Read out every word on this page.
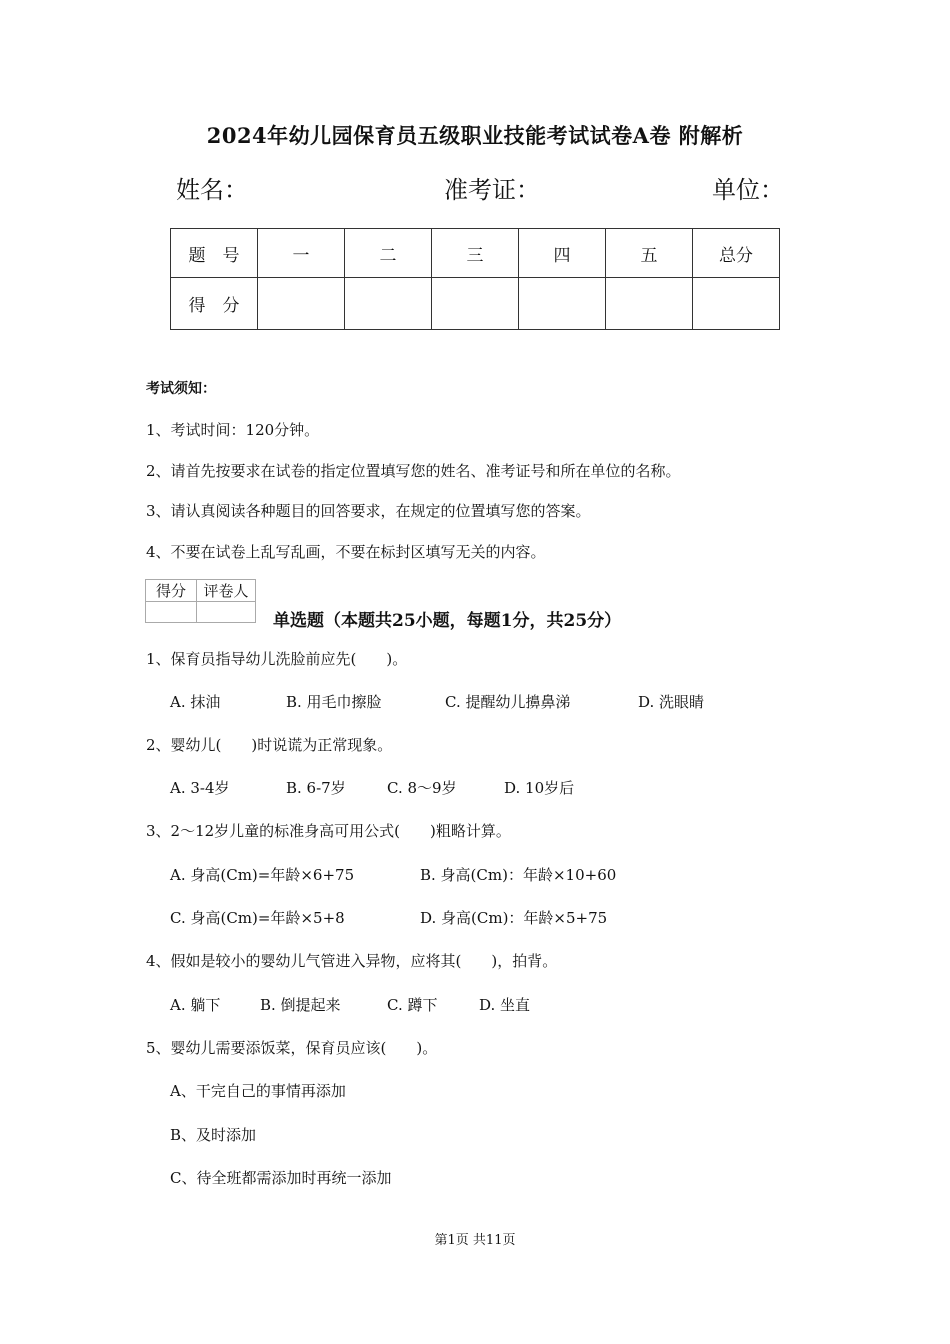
2024年幼儿园保育员五级职业技能考试试卷A卷 附解析
姓名：	准考证：	单位：
题　号	一	二	三	四	五	总分
得　分						
考试须知：
1、考试时间：120分钟。
2、请首先按要求在试卷的指定位置填写您的姓名、准考证号和所在单位的名称。
3、请认真阅读各种题目的回答要求，在规定的位置填写您的答案。
4、不要在试卷上乱写乱画，不要在标封区填写无关的内容。
得分	评卷人

单选题（本题共25小题，每题1分，共25分）
1、保育员指导幼儿洗脸前应先(　　)。
A. 抹油	B. 用毛巾擦脸	C. 提醒幼儿擤鼻涕	D. 洗眼睛
2、婴幼儿(　　)时说谎为正常现象。
A. 3-4岁	B. 6-7岁	C. 8～9岁	D. 10岁后
3、2～12岁儿童的标准身高可用公式(　　)粗略计算。
A. 身高(Cm)=年龄×6+75	B. 身高(Cm)：年龄×10+60
C. 身高(Cm)=年龄×5+8	D. 身高(Cm)：年龄×5+75
4、假如是较小的婴幼儿气管进入异物，应将其(　　)，拍背。
A. 躺下	B. 倒提起来	C. 蹲下	D. 坐直
5、婴幼儿需要添饭菜，保育员应该(　　)。
A、干完自己的事情再添加
B、及时添加
C、待全班都需添加时再统一添加
第1页 共11页
